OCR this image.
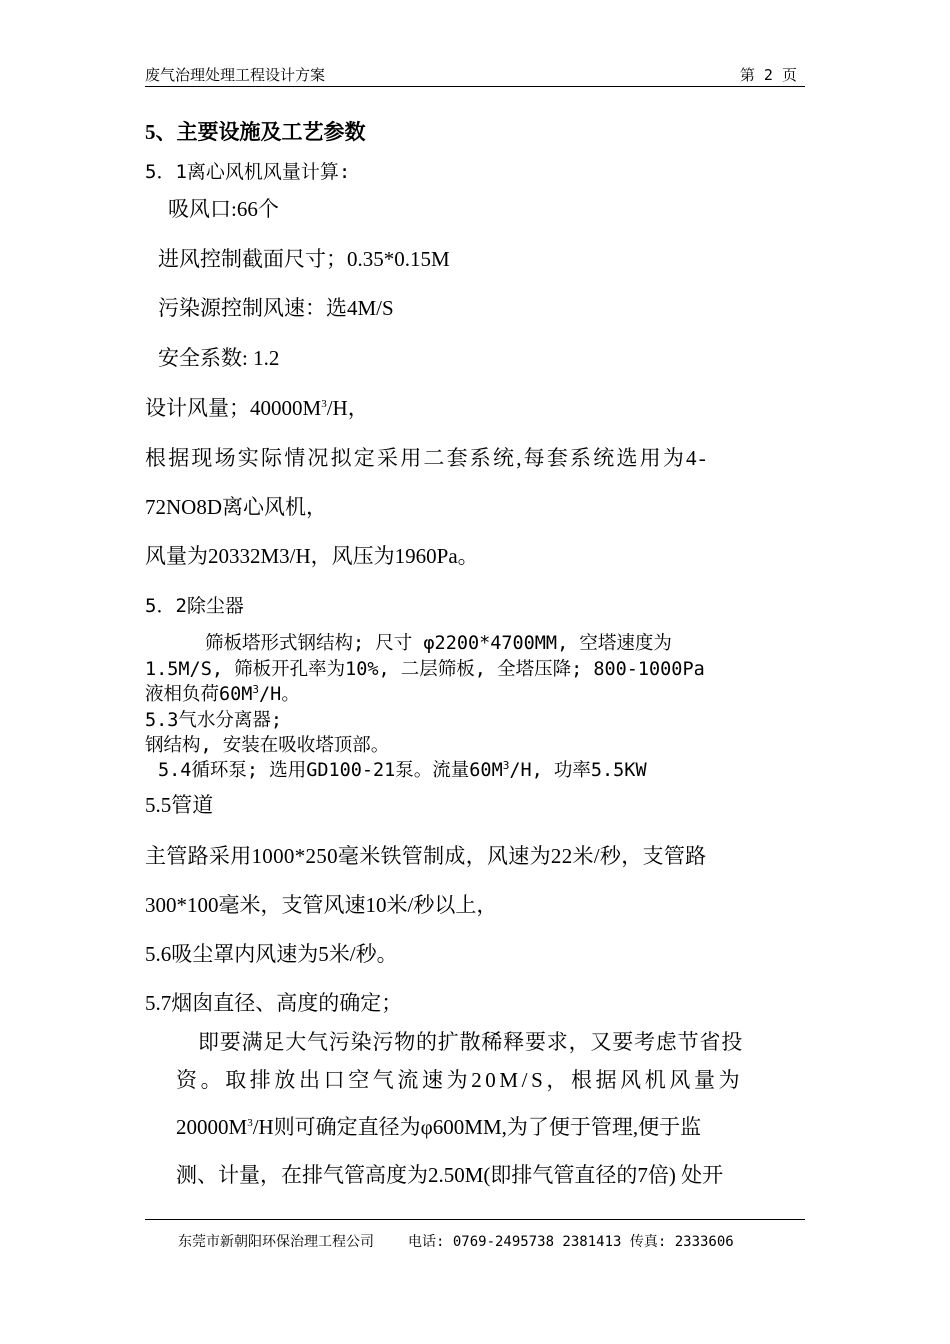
废气治理处理工程设计方案	第 2 页
5、主要设施及工艺参数
5．1离心风机风量计算:
吸风口:66个
进风控制截面尺寸；0.35*0.15M
污染源控制风速：选4M/S
安全系数: 1.2
设计风量；$40000M^3/H$，
根据现场实际情况拟定采用二套系统,每套系统选用为4-
72NO8D离心风机，
风量为20332M3/H，风压为1960Pa。
5．2除尘器
筛板塔形式钢结构; 尺寸 φ2200*4700MM, 空塔速度为
1.5M/S, 筛板开孔率为10%, 二层筛板, 全塔压降; 800-1000Pa
液相负荷$60M^3/H$。
5.3气水分离器;
钢结构, 安装在吸收塔顶部。
5.4循环泵; 选用GD100-21泵。流量$60M^3/H$, 功率5.5KW
5.5管道
主管路采用1000*250毫米铁管制成，风速为22米/秒，支管路
300*100毫米，支管风速10米/秒以上，
5.6吸尘罩内风速为5米/秒。
5.7烟囱直径、高度的确定；
即要满足大气污染污物的扩散稀释要求，又要考虑节省投
资。取排放出口空气流速为20M/S，根据风机风量为
$20000M^3/H$则可确定直径为φ600MM,为了便于管理,便于监
测、计量，在排气管高度为2.50M(即排气管直径的7倍) 处开
东莞市新朝阳环保治理工程公司 电话: 0769-2495738 2381413 传真: 2333606
